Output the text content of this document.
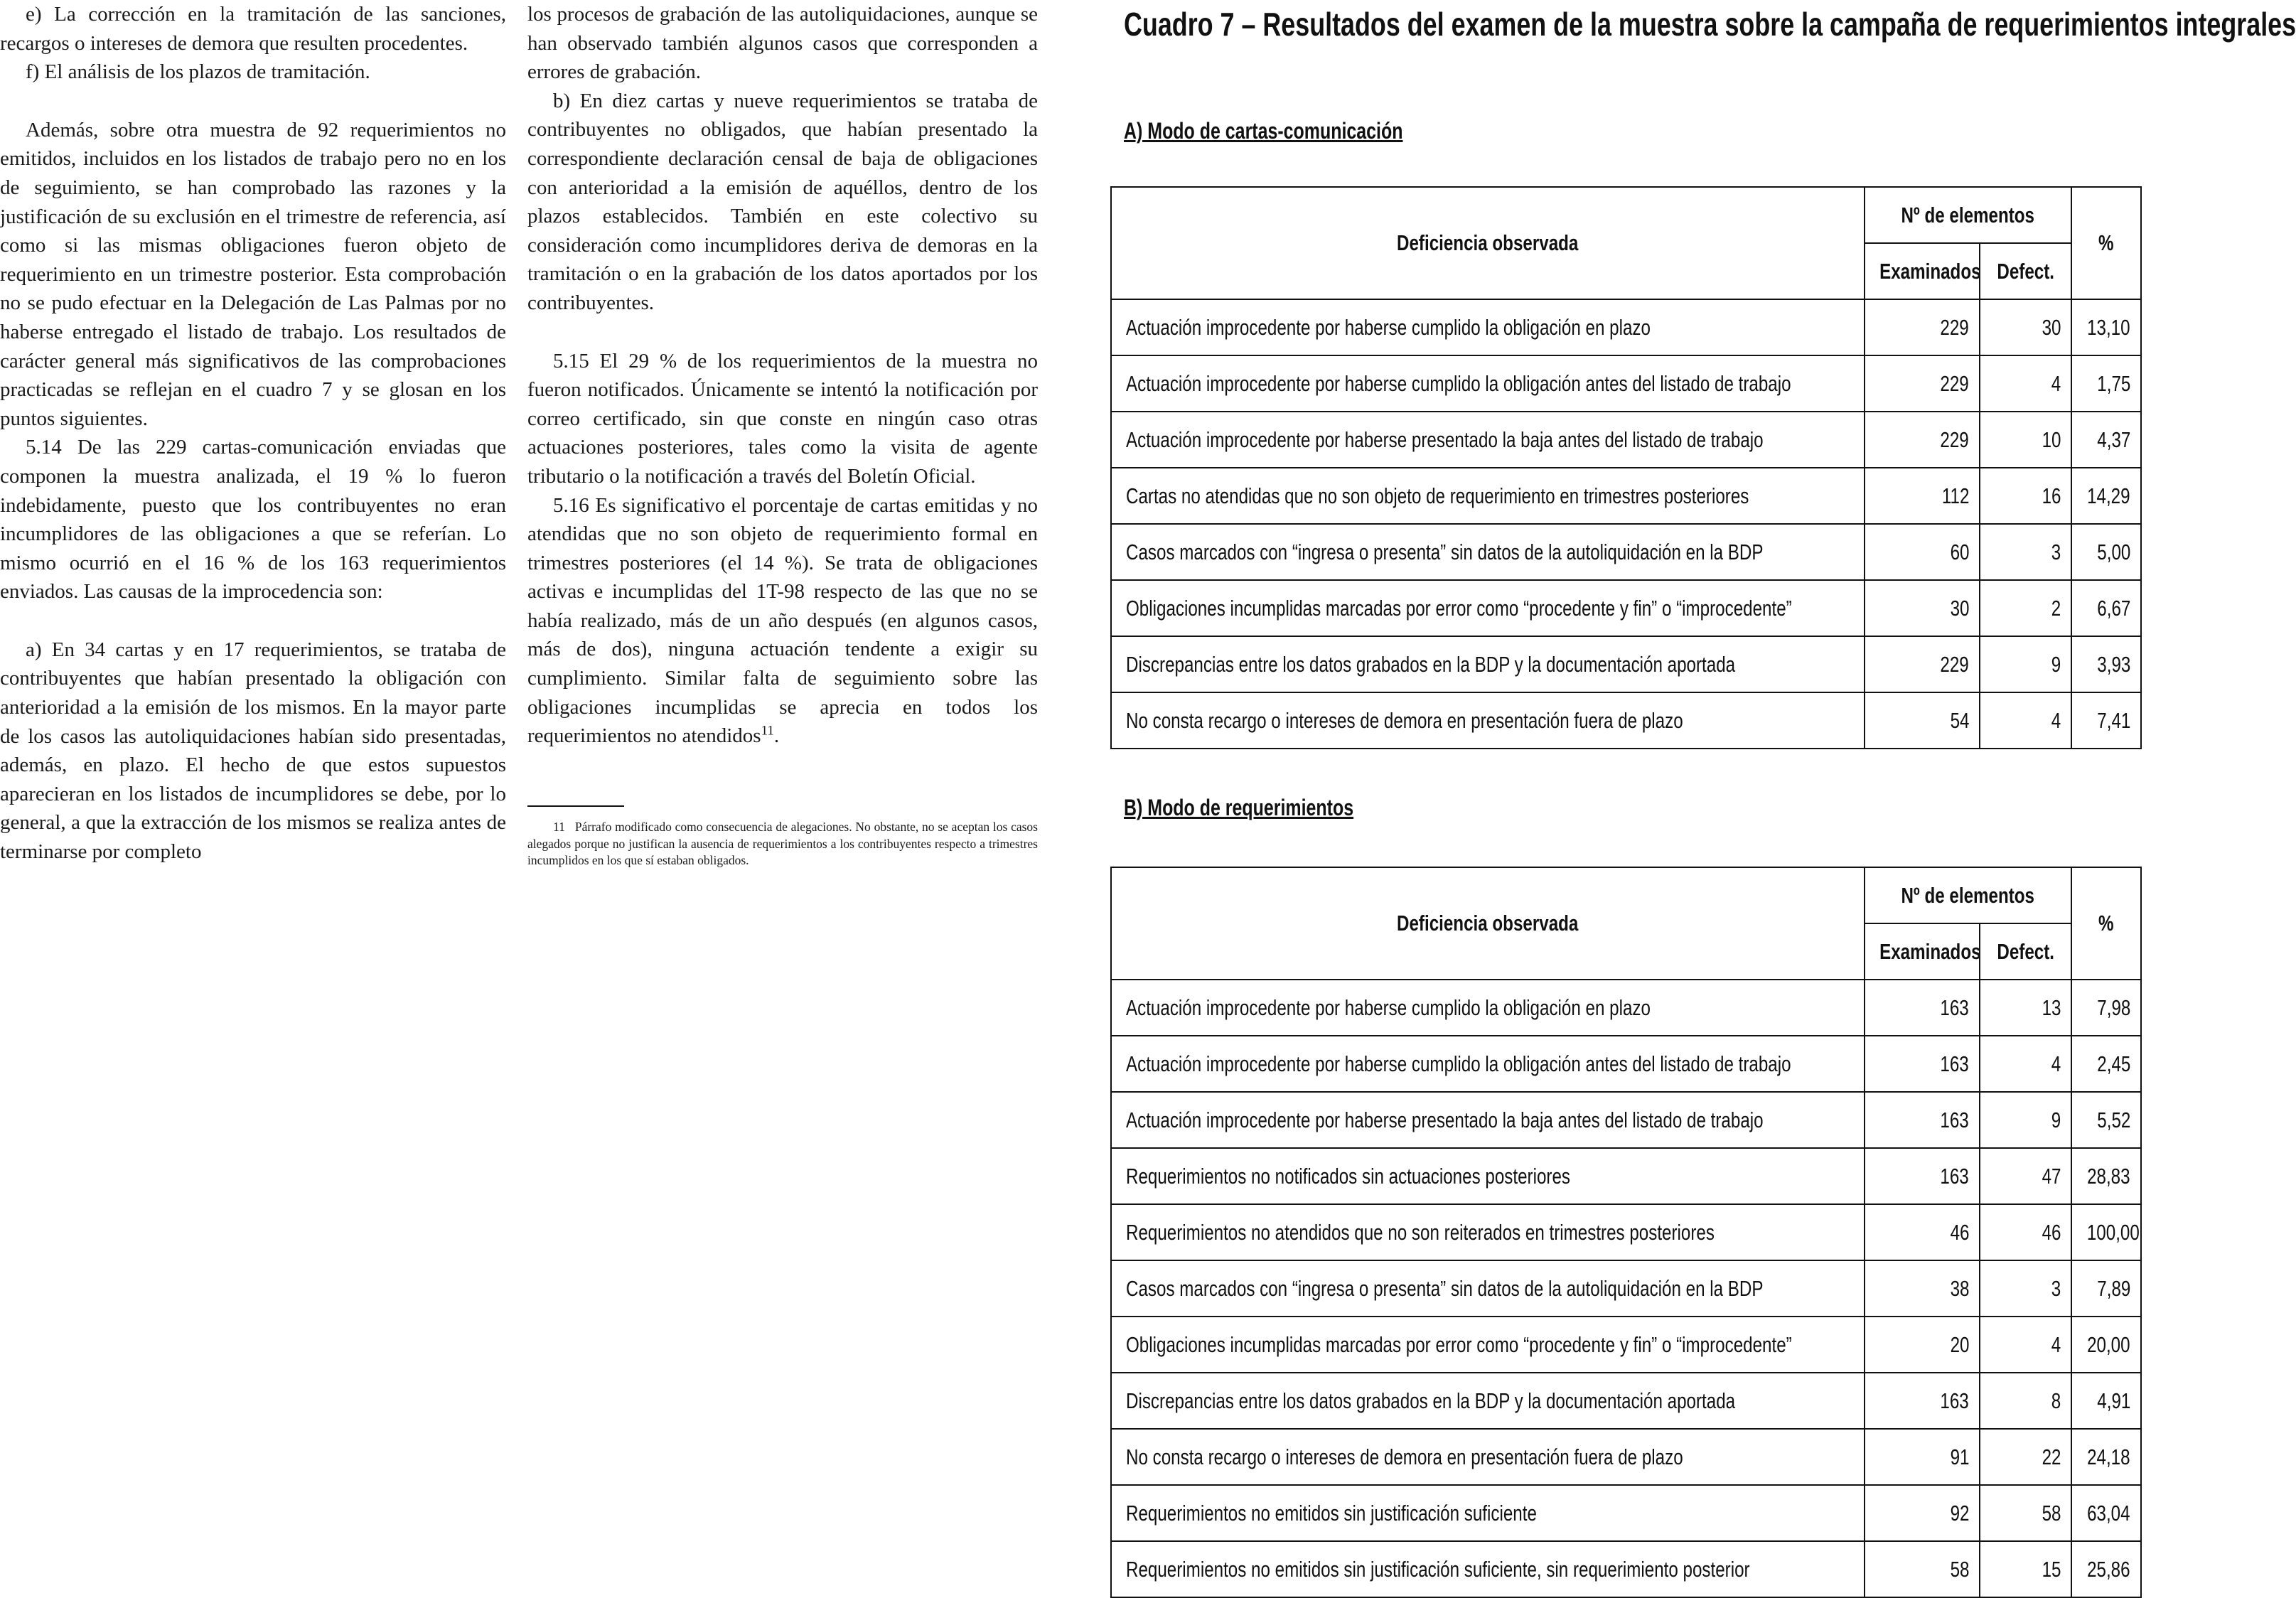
e) La corrección en la tramitación de las sanciones, recargos o intereses de demora que resulten procedentes.

f) El análisis de los plazos de tramitación.

Además, sobre otra muestra de 92 requerimientos no emitidos, incluidos en los listados de trabajo pero no en los de seguimiento, se han comprobado las razones y la justificación de su exclusión en el trimestre de referencia, así como si las mismas obligaciones fueron objeto de requerimiento en un trimestre posterior. Esta comprobación no se pudo efectuar en la Delegación de Las Palmas por no haberse entregado el listado de trabajo. Los resultados de carácter general más significativos de las comprobaciones practicadas se reflejan en el cuadro 7 y se glosan en los puntos siguientes.

5.14 De las 229 cartas-comunicación enviadas que componen la muestra analizada, el 19 % lo fueron indebidamente, puesto que los contribuyentes no eran incumplidores de las obligaciones a que se referían. Lo mismo ocurrió en el 16 % de los 163 requerimientos enviados. Las causas de la improcedencia son:

a) En 34 cartas y en 17 requerimientos, se trataba de contribuyentes que habían presentado la obligación con anterioridad a la emisión de los mismos. En la mayor parte de los casos las autoliquidaciones habían sido presentadas, además, en plazo. El hecho de que estos supuestos aparecieran en los listados de incumplidores se debe, por lo general, a que la extracción de los mismos se realiza antes de terminarse por completo

los procesos de grabación de las autoliquidaciones, aunque se han observado también algunos casos que corresponden a errores de grabación.

b) En diez cartas y nueve requerimientos se trataba de contribuyentes no obligados, que habían presentado la correspondiente declaración censal de baja de obligaciones con anterioridad a la emisión de aquéllos, dentro de los plazos establecidos. También en este colectivo su consideración como incumplidores deriva de demoras en la tramitación o en la grabación de los datos aportados por los contribuyentes.

5.15 El 29 % de los requerimientos de la muestra no fueron notificados. Únicamente se intentó la notificación por correo certificado, sin que conste en ningún caso otras actuaciones posteriores, tales como la visita de agente tributario o la notificación a través del Boletín Oficial.

5.16 Es significativo el porcentaje de cartas emitidas y no atendidas que no son objeto de requerimiento formal en trimestres posteriores (el 14 %). Se trata de obligaciones activas e incumplidas del 1T-98 respecto de las que no se había realizado, más de un año después (en algunos casos, más de dos), ninguna actuación tendente a exigir su cumplimiento. Similar falta de seguimiento sobre las obligaciones incumplidas se aprecia en todos los requerimientos no atendidos$^{11}$.

11 Párrafo modificado como consecuencia de alegaciones. No obstante, no se aceptan los casos alegados porque no justifican la ausencia de requerimientos a los contribuyentes respecto a trimestres incumplidos en los que sí estaban obligados.

Cuadro 7 – Resultados del examen de la muestra sobre la campaña de requerimientos integrales
A) Modo de cartas-comunicación
B) Modo de requerimientos
Deficiencia observada	Nº de elementos		%
	Examinados	Defect.	
Actuación improcedente por haberse cumplido la obligación en plazo	229	30	13,10
Actuación improcedente por haberse cumplido la obligación antes del listado de trabajo	229	4	1,75
Actuación improcedente por haberse presentado la baja antes del listado de trabajo	229	10	4,37
Cartas no atendidas que no son objeto de requerimiento en trimestres posteriores	112	16	14,29
Casos marcados con “ingresa o presenta” sin datos de la autoliquidación en la BDP	60	3	5,00
Obligaciones incumplidas marcadas por error como “procedente y fin” o “improcedente”	30	2	6,67
Discrepancias entre los datos grabados en la BDP y la documentación aportada	229	9	3,93
No consta recargo o intereses de demora en presentación fuera de plazo	54	4	7,41
Deficiencia observada	Nº de elementos		%
	Examinados	Defect.	
Actuación improcedente por haberse cumplido la obligación en plazo	163	13	7,98
Actuación improcedente por haberse cumplido la obligación antes del listado de trabajo	163	4	2,45
Actuación improcedente por haberse presentado la baja antes del listado de trabajo	163	9	5,52
Requerimientos no notificados sin actuaciones posteriores	163	47	28,83
Requerimientos no atendidos que no son reiterados en trimestres posteriores	46	46	100,00
Casos marcados con “ingresa o presenta” sin datos de la autoliquidación en la BDP	38	3	7,89
Obligaciones incumplidas marcadas por error como “procedente y fin” o “improcedente”	20	4	20,00
Discrepancias entre los datos grabados en la BDP y la documentación aportada	163	8	4,91
No consta recargo o intereses de demora en presentación fuera de plazo	91	22	24,18
Requerimientos no emitidos sin justificación suficiente	92	58	63,04
Requerimientos no emitidos sin justificación suficiente, sin requerimiento posterior	58	15	25,86
